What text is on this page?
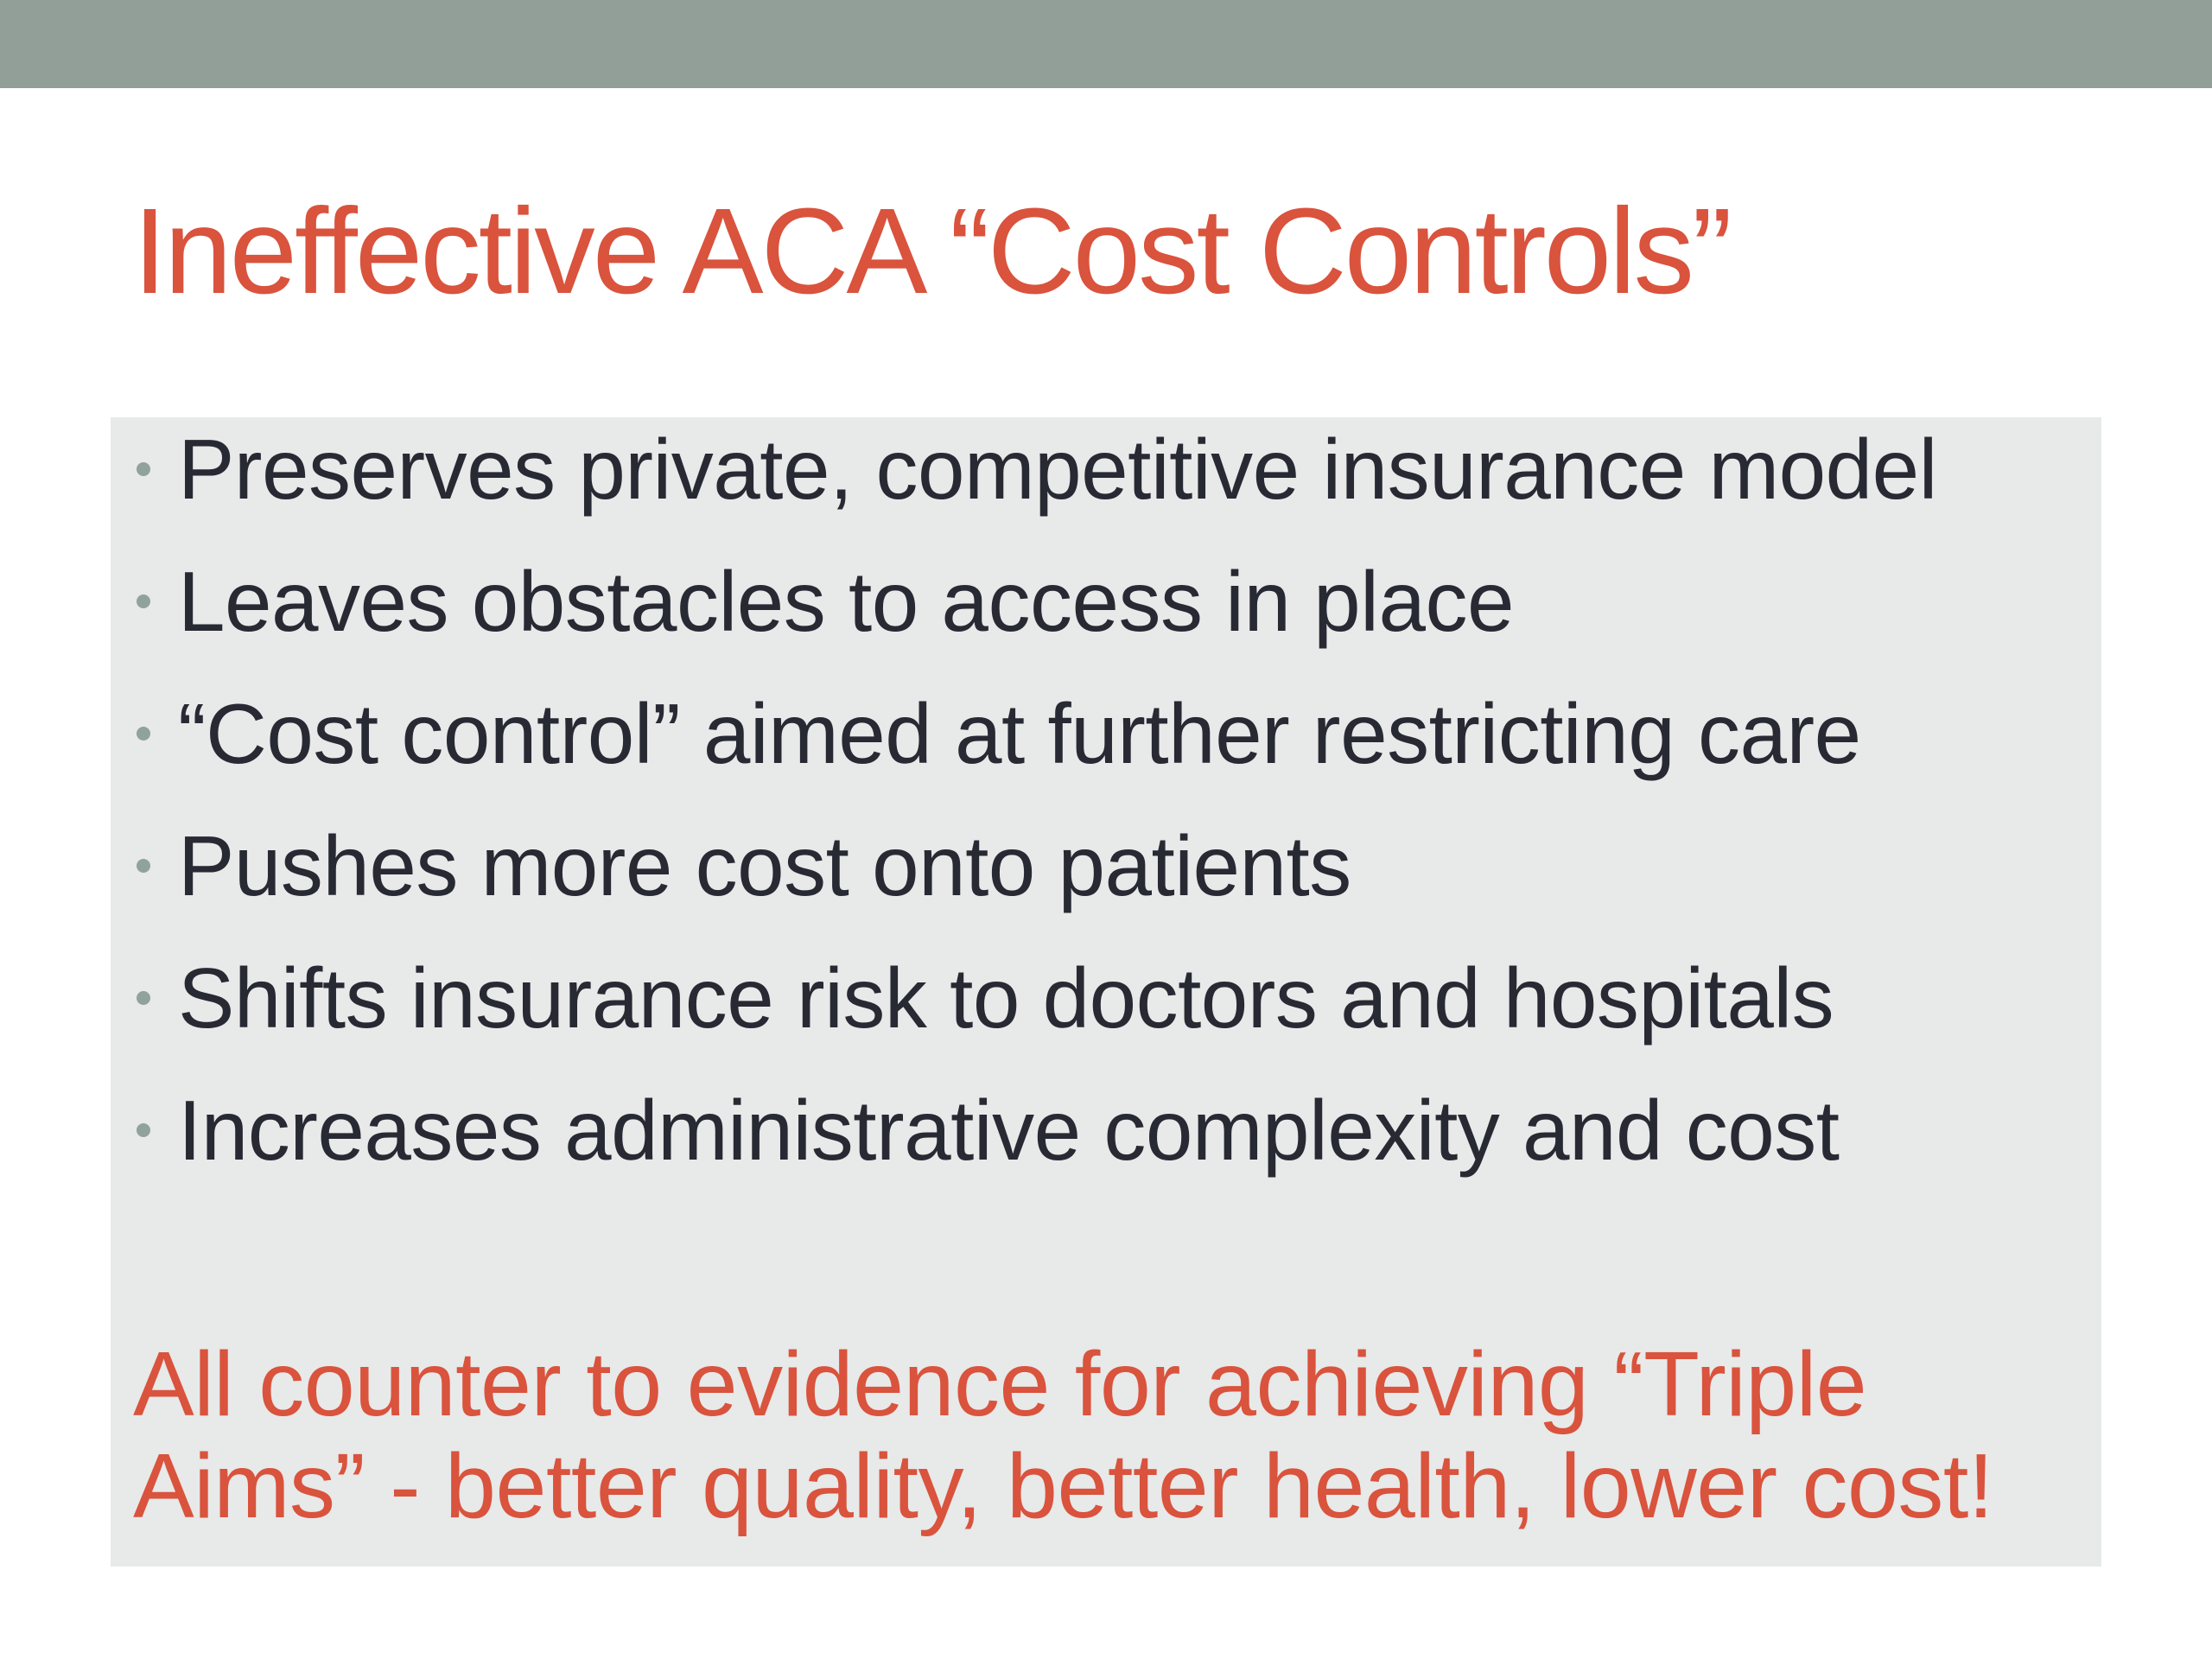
Ineffective ACA “Cost Controls”
Preserves private, competitive insurance model
Leaves obstacles to access in place
“Cost control” aimed at further restricting care
Pushes more cost onto patients
Shifts insurance risk to doctors and hospitals
Increases administrative complexity and cost

All counter to evidence for achieving “Triple
Aims” - better quality, better health, lower cost!
